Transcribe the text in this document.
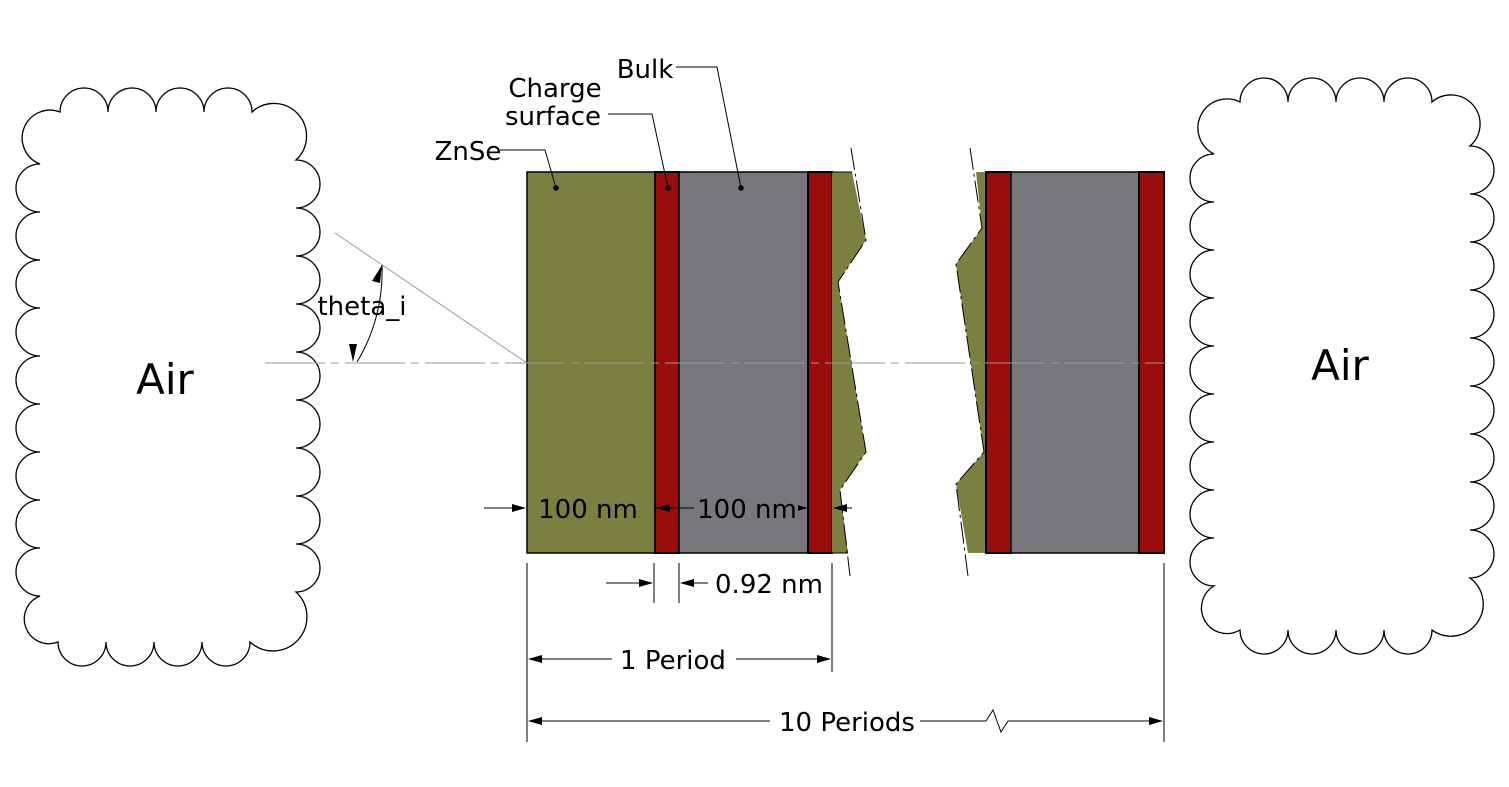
Air	Air
theta_i
ZnSe
Charge
surface
Bulk
100 nm 100 nm
0.92 nm
1 Period
10 Periods
